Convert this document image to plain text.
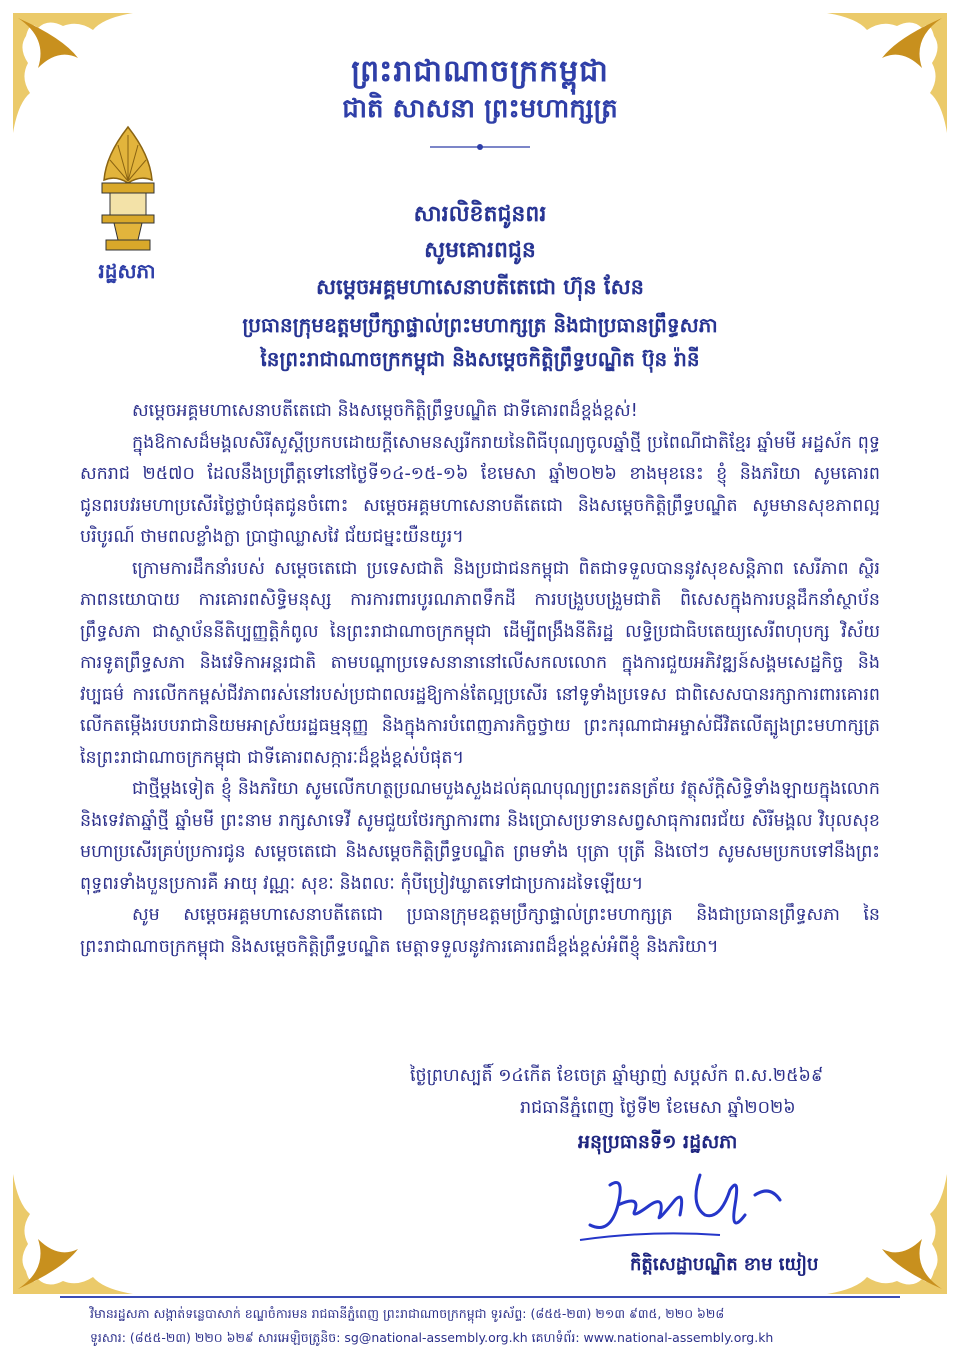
ព្រះរាជាណាចក្រកម្ពុជា
ជាតិ សាសនា ព្រះមហាក្សត្រ
រដ្ឋសភា
សារលិខិតជូនពរ
សូមគោរពជូន
សម្តេចអគ្គមហាសេនាបតីតេជោ ហ៊ុន សែន
ប្រធានក្រុមឧត្តមប្រឹក្សាផ្ទាល់ព្រះមហាក្សត្រ និងជាប្រធានព្រឹទ្ធសភា
នៃព្រះរាជាណាចក្រកម្ពុជា និងសម្តេចកិត្តិព្រឹទ្ធបណ្ឌិត ប៊ុន រ៉ានី

សម្តេចអគ្គមហាសេនាបតីតេជោ និងសម្តេចកិត្តិព្រឹទ្ធបណ្ឌិត ជាទីគោរពដ៏ខ្ពង់ខ្ពស់!

ក្នុងឱកាសដ៏មង្គលសិរីសួស្តីប្រកបដោយក្តីសោមនស្សរីករាយនៃពិធីបុណ្យចូលឆ្នាំថ្មី ប្រពៃណីជាតិខ្មែរ ឆ្នាំមមី អដ្ឋស័ក ពុទ្ធសករាជ ២៥៧០ ដែលនឹងប្រព្រឹត្តទៅនៅថ្ងៃទី១៤-១៥-១៦ ខែមេសា ឆ្នាំ២០២៦ ខាងមុខនេះ ខ្ញុំ និងភរិយា សូមគោរពជូនពរបវរមហាប្រសើរថ្លៃថ្លាបំផុតជូនចំពោះ សម្តេចអគ្គមហាសេនាបតីតេជោ និងសម្តេចកិត្តិព្រឹទ្ធបណ្ឌិត សូមមានសុខភាពល្អបរិបូរណ៍ ថាមពលខ្លាំងក្លា ប្រាជ្ញាឈ្លាសវៃ ជ័យជម្នះយឺនយូរ។

ក្រោមការដឹកនាំរបស់ សម្តេចតេជោ ប្រទេសជាតិ និងប្រជាជនកម្ពុជា ពិតជាទទួលបាននូវសុខសន្តិភាព សេរីភាព ស្ថិរភាពនយោបាយ ការគោរពសិទ្ធិមនុស្ស ការការពារបូរណភាពទឹកដី ការបង្រួបបង្រួមជាតិ ពិសេសក្នុងការបន្តដឹកនាំស្ថាប័នព្រឹទ្ធសភា ជាស្ថាប័ននីតិប្បញ្ញត្តិកំពូល នៃព្រះរាជាណាចក្រកម្ពុជា ដើម្បីពង្រឹងនីតិរដ្ឋ លទ្ធិប្រជាធិបតេយ្យសេរីពហុបក្ស វិស័យការទូតព្រឹទ្ធសភា និងវេទិកាអន្តរជាតិ តាមបណ្តាប្រទេសនានានៅលើសកលលោក ក្នុងការជួយអភិវឌ្ឍន៍សង្គមសេដ្ឋកិច្ច និងវប្បធម៌ ការលើកកម្ពស់ជីវភាពរស់នៅរបស់ប្រជាពលរដ្ឋឱ្យកាន់តែល្អប្រសើរ នៅទូទាំងប្រទេស ជាពិសេសបានរក្សាការពារគោរពលើកតម្កើងរបបរាជានិយមអាស្រ័យរដ្ឋធម្មនុញ្ញ និងក្នុងការបំពេញភារកិច្ចថ្វាយ ព្រះករុណាជាអម្ចាស់ជីវិតលើត្បូងព្រះមហាក្សត្រ នៃព្រះរាជាណាចក្រកម្ពុជា ជាទីគោរពសក្ការៈដ៏ខ្ពង់ខ្ពស់បំផុត។

ជាថ្មីម្តងទៀត ខ្ញុំ និងភរិយា សូមលើកហត្ថប្រណមបួងសួងដល់គុណបុណ្យព្រះរតនត្រ័យ វត្ថុស័ក្តិសិទ្ធិទាំងឡាយក្នុងលោក និងទេវតាឆ្នាំថ្មី ឆ្នាំមមី ព្រះនាម រាក្សសាទេវី សូមជួយថែរក្សាការពារ និងប្រោសប្រទានសព្វសាធុការពរជ័យ សិរីមង្គល វិបុលសុខ មហាប្រសើរគ្រប់ប្រការជូន សម្តេចតេជោ និងសម្តេចកិត្តិព្រឹទ្ធបណ្ឌិត ព្រមទាំង បុត្រា បុត្រី និងចៅៗ សូមសមប្រកបទៅនឹងព្រះពុទ្ធពរទាំងបួនប្រការគឺ អាយុ វណ្ណៈ សុខៈ និងពលៈ កុំបីប្រៀវឃ្លាតទៅជាប្រការដទៃឡើយ។

សូម សម្តេចអគ្គមហាសេនាបតីតេជោ ប្រធានក្រុមឧត្តមប្រឹក្សាផ្ទាល់ព្រះមហាក្សត្រ និងជាប្រធានព្រឹទ្ធសភា នៃព្រះរាជាណាចក្រកម្ពុជា និងសម្តេចកិត្តិព្រឹទ្ធបណ្ឌិត មេត្តាទទួលនូវការគោរពដ៏ខ្ពង់ខ្ពស់អំពីខ្ញុំ និងភរិយា។

ថ្ងៃព្រហស្បតិ៍ ១៤កើត ខែចេត្រ ឆ្នាំម្សាញ់ សប្តស័ក ព.ស.២៥៦៩
រាជធានីភ្នំពេញ ថ្ងៃទី២ ខែមេសា ឆ្នាំ២០២៦
អនុប្រធានទី១ រដ្ឋសភា
កិត្តិសេដ្ឋាបណ្ឌិត ខាម យៀប
វិមានរដ្ឋសភា សង្កាត់ទន្លេបាសាក់ ខណ្ឌចំការមន រាជធានីភ្នំពេញ ព្រះរាជាណាចក្រកម្ពុជា ទូរស័ព្ទ: (៨៥៥-២៣) ២១៣ ៩៣៥, ២២០ ៦២៨
ទូរសារ: (៨៥៥-២៣) ២២០ ៦២៩ សារអេឡិចត្រូនិច: sg@national-assembly.org.kh គេហទំព័រ: www.national-assembly.org.kh
